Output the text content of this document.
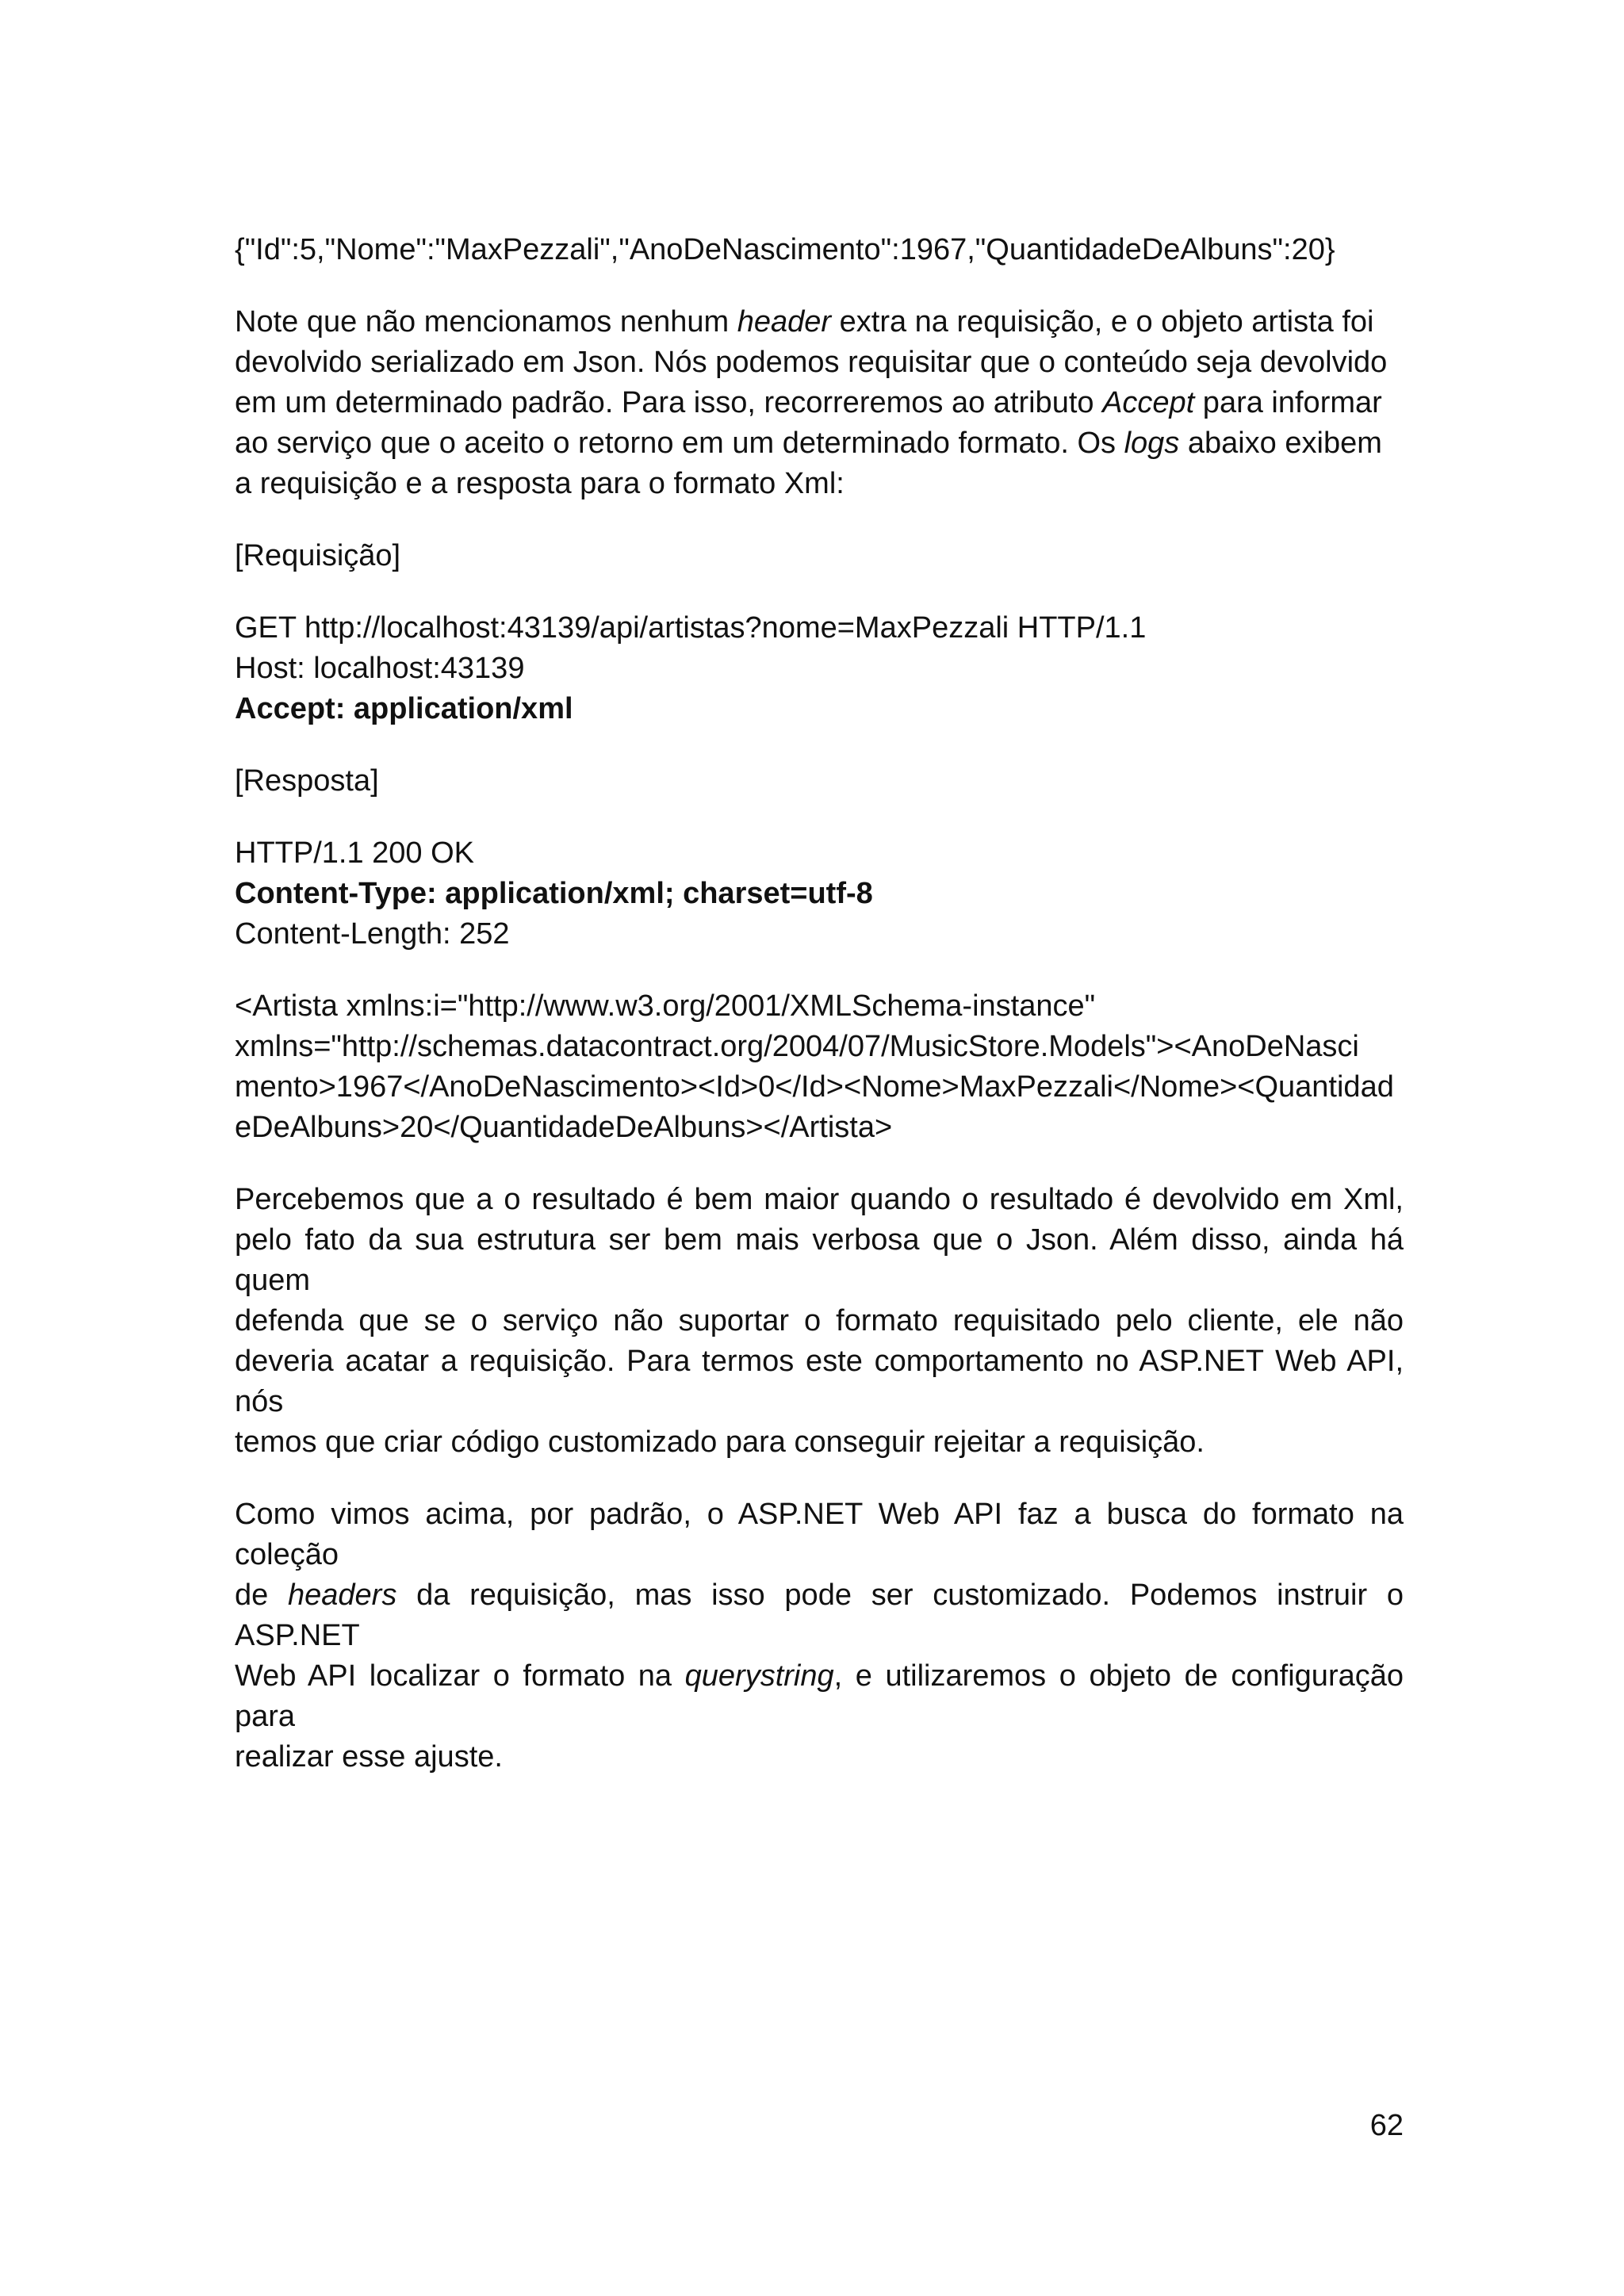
{"Id":5,"Nome":"MaxPezzali","AnoDeNascimento":1967,"QuantidadeDeAlbuns":20}
Note que não mencionamos nenhum header extra na requisição, e o objeto artista foi
devolvido serializado em Json. Nós podemos requisitar que o conteúdo seja devolvido
em um determinado padrão. Para isso, recorreremos ao atributo Accept para informar
ao serviço que o aceito o retorno em um determinado formato. Os logs abaixo exibem
a requisição e a resposta para o formato Xml:
[Requisição]
GET http://localhost:43139/api/artistas?nome=MaxPezzali HTTP/1.1
Host: localhost:43139
Accept: application/xml
[Resposta]
HTTP/1.1 200 OK
Content-Type: application/xml; charset=utf-8
Content-Length: 252
<Artista xmlns:i="http://www.w3.org/2001/XMLSchema-instance"
xmlns="http://schemas.datacontract.org/2004/07/MusicStore.Models"><AnoDeNasci
mento>1967</AnoDeNascimento><Id>0</Id><Nome>MaxPezzali</Nome><Quantidad
eDeAlbuns>20</QuantidadeDeAlbuns></Artista>
Percebemos que a o resultado é bem maior quando o resultado é devolvido em Xml,
pelo fato da sua estrutura ser bem mais verbosa que o Json. Além disso, ainda há quem
defenda que se o serviço não suportar o formato requisitado pelo cliente, ele não
deveria acatar a requisição. Para termos este comportamento no ASP.NET Web API, nós
temos que criar código customizado para conseguir rejeitar a requisição.
Como vimos acima, por padrão, o ASP.NET Web API faz a busca do formato na coleção
de headers da requisição, mas isso pode ser customizado. Podemos instruir o ASP.NET
Web API localizar o formato na querystring, e utilizaremos o objeto de configuração para
realizar esse ajuste.
62
